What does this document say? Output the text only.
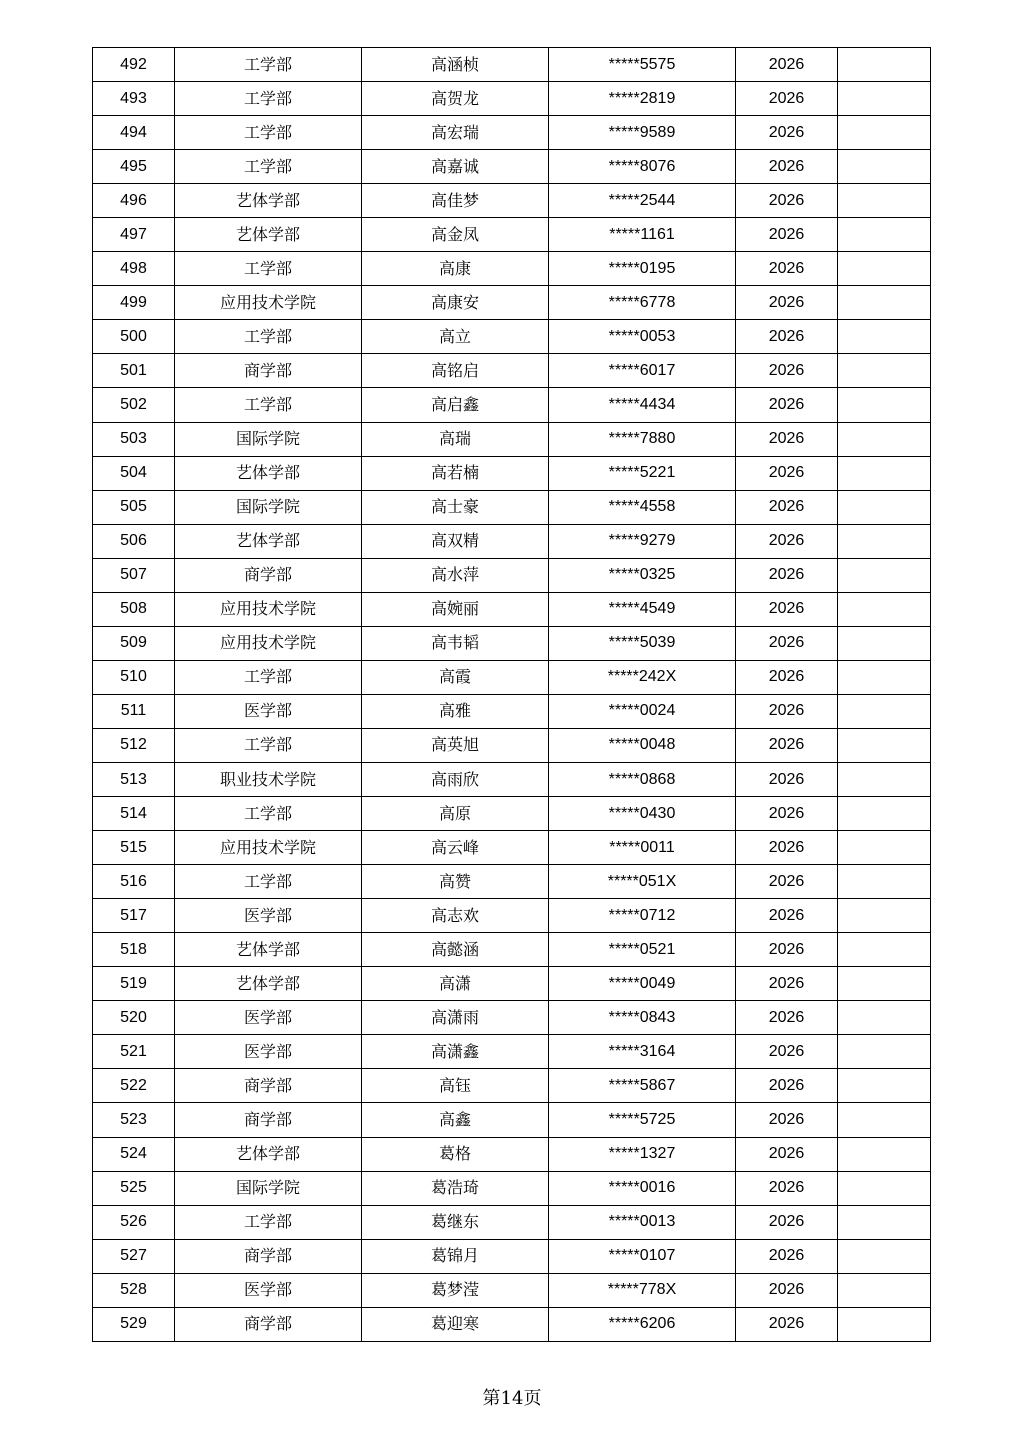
492	工学部	高涵桢	*****5575	2026	
493	工学部	高贺龙	*****2819	2026	
494	工学部	高宏瑞	*****9589	2026	
495	工学部	高嘉诚	*****8076	2026	
496	艺体学部	高佳梦	*****2544	2026	
497	艺体学部	高金凤	*****1161	2026	
498	工学部	高康	*****0195	2026	
499	应用技术学院	高康安	*****6778	2026	
500	工学部	高立	*****0053	2026	
501	商学部	高铭启	*****6017	2026	
502	工学部	高启鑫	*****4434	2026	
503	国际学院	高瑞	*****7880	2026	
504	艺体学部	高若楠	*****5221	2026	
505	国际学院	高士豪	*****4558	2026	
506	艺体学部	高双精	*****9279	2026	
507	商学部	高水萍	*****0325	2026	
508	应用技术学院	高婉丽	*****4549	2026	
509	应用技术学院	高韦韬	*****5039	2026	
510	工学部	高霞	*****242X	2026	
511	医学部	高雅	*****0024	2026	
512	工学部	高英旭	*****0048	2026	
513	职业技术学院	高雨欣	*****0868	2026	
514	工学部	高原	*****0430	2026	
515	应用技术学院	高云峰	*****0011	2026	
516	工学部	高赞	*****051X	2026	
517	医学部	高志欢	*****0712	2026	
518	艺体学部	高懿涵	*****0521	2026	
519	艺体学部	高潇	*****0049	2026	
520	医学部	高潇雨	*****0843	2026	
521	医学部	高潇鑫	*****3164	2026	
522	商学部	高钰	*****5867	2026	
523	商学部	高鑫	*****5725	2026	
524	艺体学部	葛格	*****1327	2026	
525	国际学院	葛浩琦	*****0016	2026	
526	工学部	葛继东	*****0013	2026	
527	商学部	葛锦月	*****0107	2026	
528	医学部	葛梦滢	*****778X	2026	
529	商学部	葛迎寒	*****6206	2026	
第14页
